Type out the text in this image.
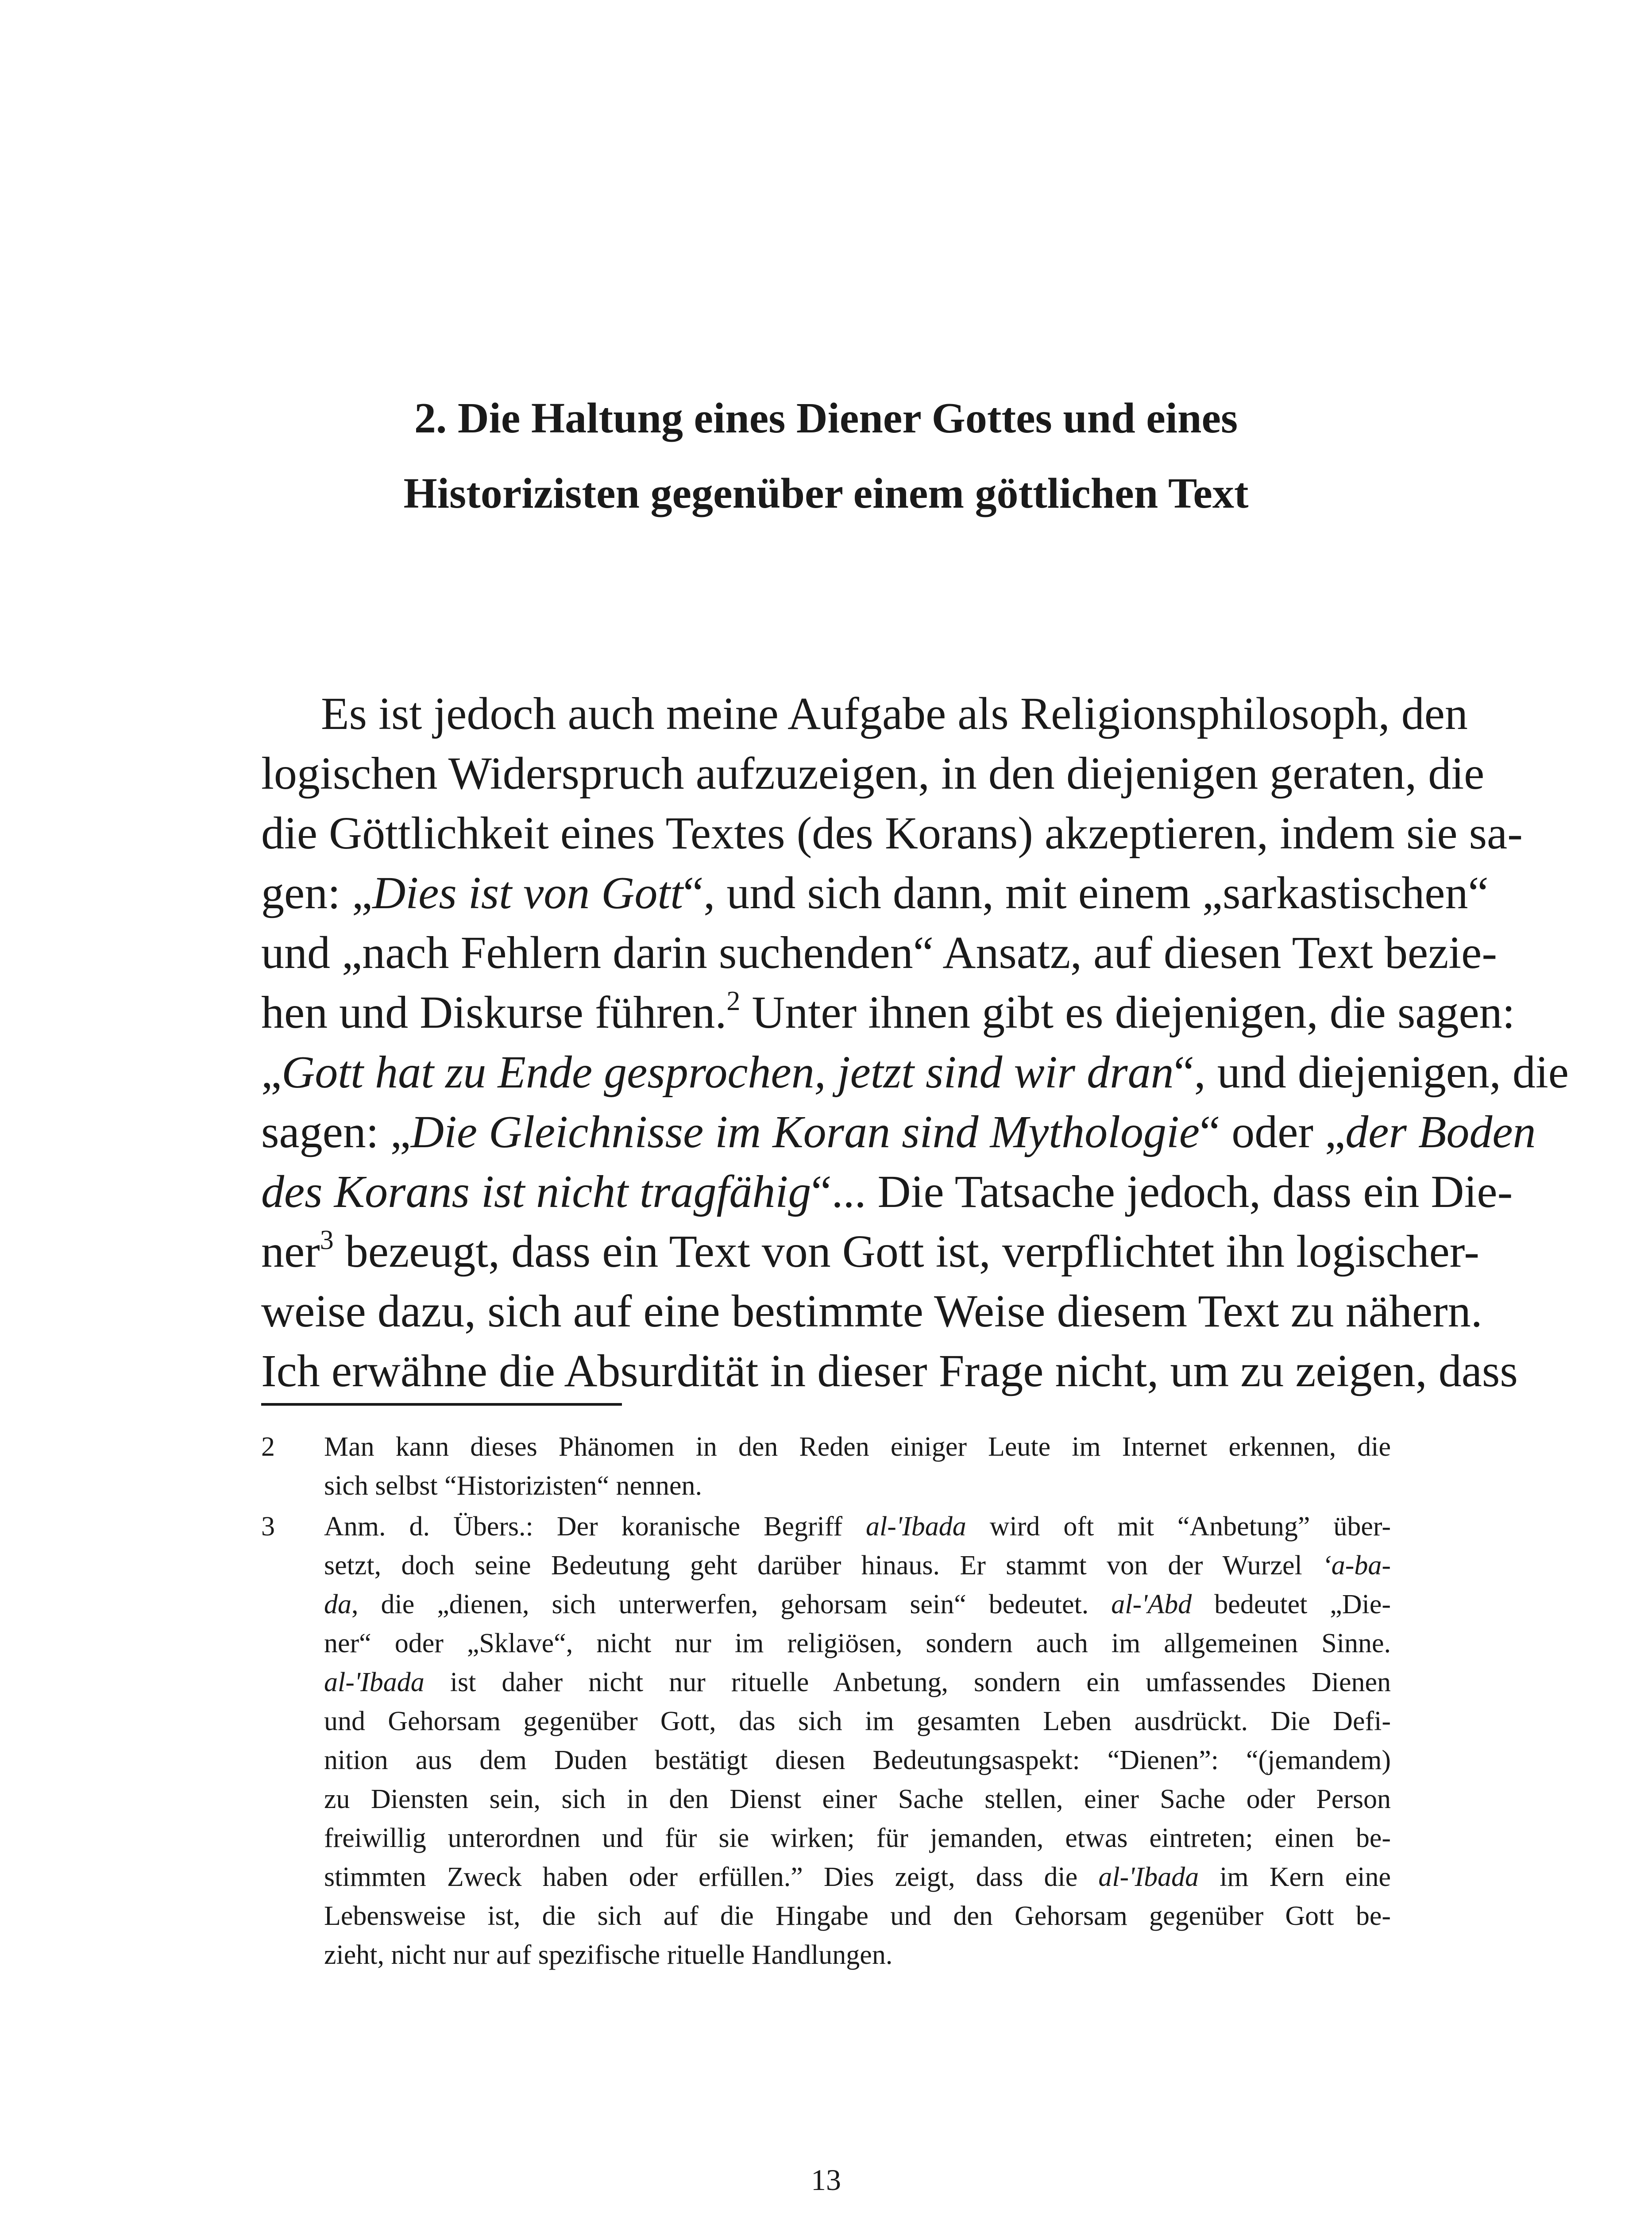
2. Die Haltung eines Diener Gottes und eines
Historizisten gegenüber einem göttlichen Text
Es ist jedoch auch meine Aufgabe als Religionsphilosoph, den
logischen Widerspruch aufzuzeigen, in den diejenigen geraten, die
die Göttlichkeit eines Textes (des Korans) akzeptieren, indem sie sa-
gen: „Dies ist von Gott“, und sich dann, mit einem „sarkastischen“
und „nach Fehlern darin suchenden“ Ansatz, auf diesen Text bezie-
hen und Diskurse führen.$^2$ Unter ihnen gibt es diejenigen, die sagen:
„Gott hat zu Ende gesprochen, jetzt sind wir dran“, und diejenigen, die
sagen: „Die Gleichnisse im Koran sind Mythologie“ oder „der Boden
des Korans ist nicht tragfähig“... Die Tatsache jedoch, dass ein Die-
ner$^3$ bezeugt, dass ein Text von Gott ist, verpflichtet ihn logischer-
weise dazu, sich auf eine bestimmte Weise diesem Text zu nähern.
Ich erwähne die Absurdität in dieser Frage nicht, um zu zeigen, dass
2 Man kann dieses Phänomen in den Reden einiger Leute im Internet erkennen, die
sich selbst “Historizisten“ nennen.
3 Anm. d. Übers.: Der koranische Begriff al-'Ibada wird oft mit “Anbetung” über-
setzt, doch seine Bedeutung geht darüber hinaus. Er stammt von der Wurzel ‘a-ba-
da, die „dienen, sich unterwerfen, gehorsam sein“ bedeutet. al-'Abd bedeutet „Die-
ner“ oder „Sklave“, nicht nur im religiösen, sondern auch im allgemeinen Sinne.
al-'Ibada ist daher nicht nur rituelle Anbetung, sondern ein umfassendes Dienen
und Gehorsam gegenüber Gott, das sich im gesamten Leben ausdrückt. Die Defi-
nition aus dem Duden bestätigt diesen Bedeutungsaspekt: “Dienen”: “(jemandem)
zu Diensten sein, sich in den Dienst einer Sache stellen, einer Sache oder Person
freiwillig unterordnen und für sie wirken; für jemanden, etwas eintreten; einen be-
stimmten Zweck haben oder erfüllen.” Dies zeigt, dass die al-'Ibada im Kern eine
Lebensweise ist, die sich auf die Hingabe und den Gehorsam gegenüber Gott be-
zieht, nicht nur auf spezifische rituelle Handlungen.
13
